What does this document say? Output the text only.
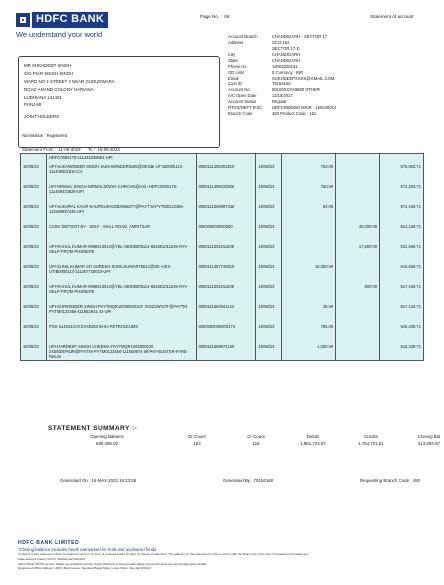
HDFC BANK
We understand your world
Page No .: 66	Statement of account
Account Branch	CHANDIGARH - SECTOR 17
Address	SCO-162,
SECTOR 17-D
City	CHANDIGARH
State	CHANDIGARH
Phone no.	18002026161
OD Limit	0 Currency : INR
Email	SUKHDEEPXXXX@GMAIL.COM
Cust ID	75154160
Account No	50100XXXX9680 OTHER
A/C Open Date	11/10/2017
Account Status	Regular
RTGS/NEFT IFSC	HDFC0000450 MICR : 160240014
Branch Code	450 Product Code : 161
MR SUKHDEEP SINGH
S/O PIAR SINGH SINGH
WARD NO 4 STREET 4 NEAR GURUDWARA
ROAD ANAND COLONY HARIANA
LUDHIANA 141401
PUNJAB
JOINT HOLDERS :
Nomination : Registered
Statement From : 11-05-2023 To : 15-05-2023
	HDFC0000170-111444238584-UPI					
15/05/23	UPI-SUKHWINDER SINGH-SUKHWINDER8186@OKSBI-UT IB0000113-111408301810-CA	0000111408301810	15/05/23	750.00		575,003.71
15/05/23	UPI-NIRMAL SINGH-NIRMALSINGH-CHRCHN@AXL-HDFC0000170-111459433826-UPI	0000111459433826	15/05/23	750.00		574,253.71
15/05/23	UPI-SUKHPAL KAUR-KAURSUKH3282966877@PAYT M-PYTM0123456-111569997436-UPI	0000111569997436	15/05/23	84.00		574,169.71
15/05/23	CASH DEPOSIT BY - SELF - MALL ROAD, AMRITSAR	000000000000000	15/05/23		40,000.00	614,169.71
15/05/23	UPI-RAHUL KUMAR-9988413914@YBL-SBIN0005114-661501011636-PAY-HELP-FROM-PHONEPE	0000111501011636	15/05/23		17,500.00	631,669.71
15/05/23	UPI-SUNIL KUMAR SO SURESH-SUNILKUMAR75814@OK AXIS-UTIB0000114-111357740010-UPI	0000111357740010	15/05/23	15,000.00		616,669.71
15/05/23	UPI-RAHUL KUMAR-9988413914@YBL-SBIN0005114-661501011636-PAY-HELP-FROM-PHONEPE	0000111501011636	15/05/23		500.00	617,169.71
15/05/23	UPI-GURWINDER SINGH-PAYTMQR1000000010Y 3V6ZZWVOT@PAYTM-PYTM0123456-111562941 44-UPI	0000111562941144	15/05/23	35.00		617,134.71
15/05/23	POS 514834XXXXXX6253 BHAI PETROLEUMS	0000000000009173	15/05/23	795.00		616,339.71
15/05/23	UPI-HARDEEP SINGH CHEEMA-PAYTMQR1000000010 3X5MZ6FNJR@PAYTM-PYTM0123456-111569974 69-PAY-BUSTER-FARE-Return	0000111569974169	15/05/23	1,000.00		615,339.71
STATEMENT SUMMARY :-
Opening Balance	Dr Count	Cr Count	Debits	Credits	Closing Bal
695,398.02	103	116	1,851,724.97	1,764,701.61	613,094.97
Generated On : 16-MAY-2023 16:23:55	Generated By : 75154160	Requesting Branch Code : 450
HDFC BANK LIMITED
*Closing balance includes funds earmarked for hold and uncleared funds
Contents of this statement will be considered correct if no error is reported within 30 days of receipt of statement. The address on this statement is that on record with the Branch as of the day of requesting this statement.
State account branch GSTN: 04AAACH2702H1Z3
HDFC Bank GSTIN number details are available at https://www.hdfcbank.com/personal/making-payments/online-tax-payment/gst-gstin-details
Registered Office Address: HDFC Bank House, Senapati Bapat Marg, Lower Parel, Mumbai 400013
